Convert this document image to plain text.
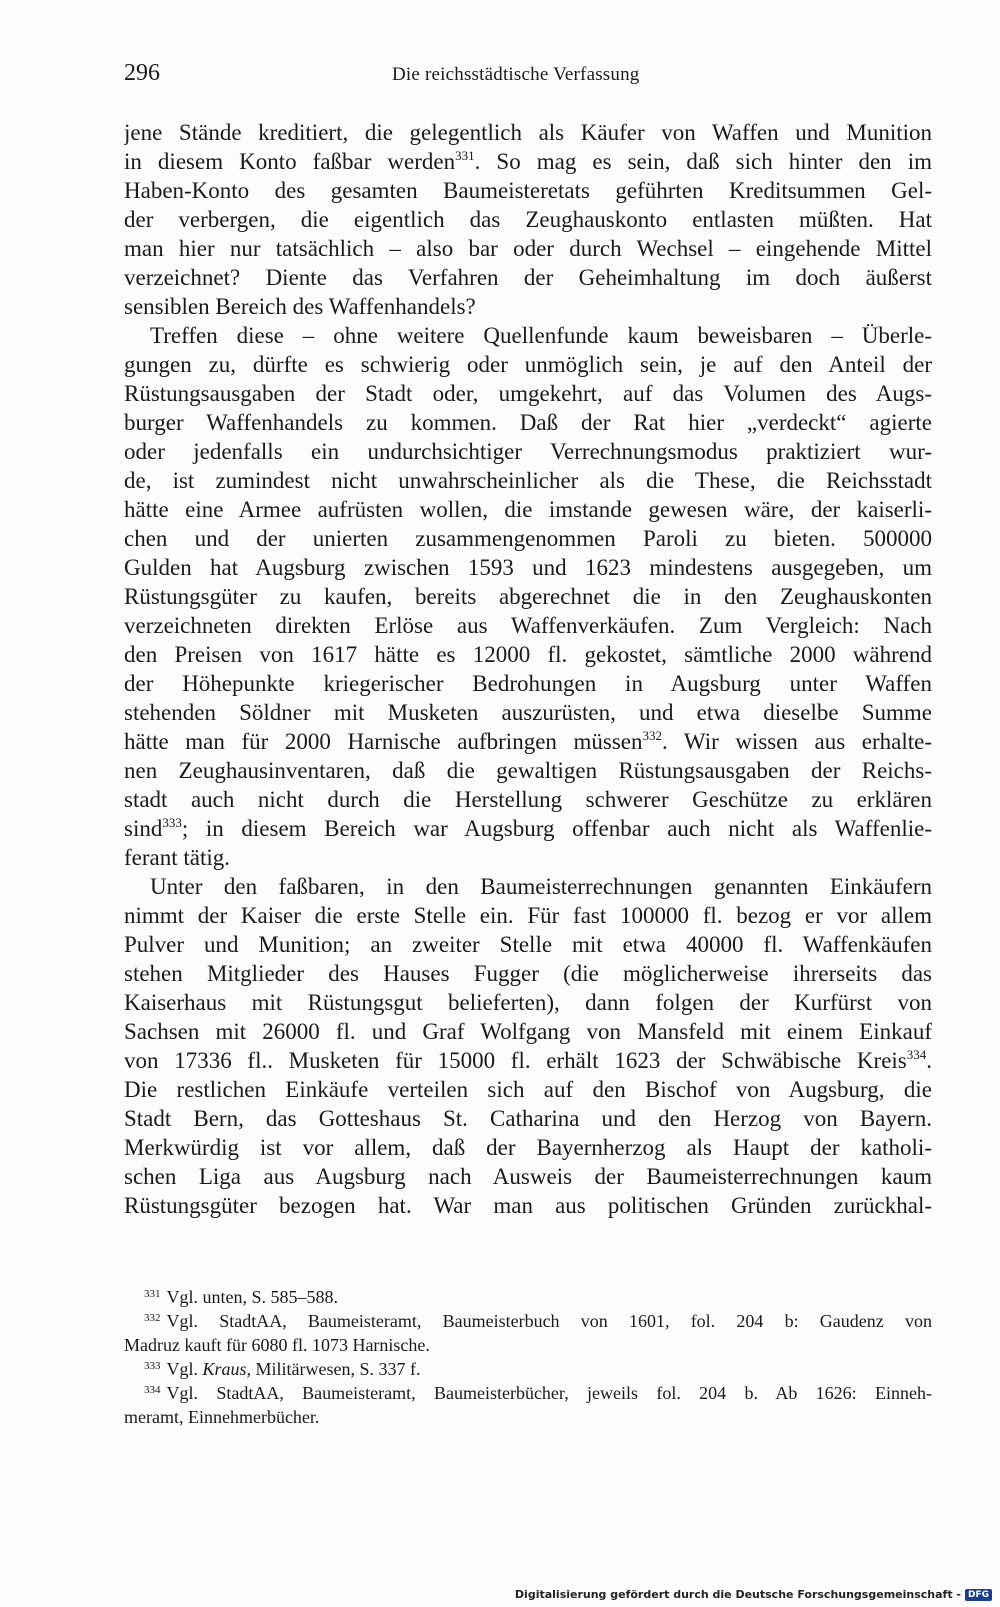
296	Die reichsstädtische Verfassung
jene Stände kreditiert, die gelegentlich als Käufer von Waffen und Munition
in diesem Konto faßbar werden$^{331}$. So mag es sein, daß sich hinter den im
Haben-Konto des gesamten Baumeisteretats geführten Kreditsummen Gel-
der verbergen, die eigentlich das Zeughauskonto entlasten müßten. Hat
man hier nur tatsächlich – also bar oder durch Wechsel – eingehende Mittel
verzeichnet? Diente das Verfahren der Geheimhaltung im doch äußerst
sensiblen Bereich des Waffenhandels?
Treffen diese – ohne weitere Quellenfunde kaum beweisbaren – Überle-
gungen zu, dürfte es schwierig oder unmöglich sein, je auf den Anteil der
Rüstungsausgaben der Stadt oder, umgekehrt, auf das Volumen des Augs-
burger Waffenhandels zu kommen. Daß der Rat hier „verdeckt“ agierte
oder jedenfalls ein undurchsichtiger Verrechnungsmodus praktiziert wur-
de, ist zumindest nicht unwahrscheinlicher als die These, die Reichsstadt
hätte eine Armee aufrüsten wollen, die imstande gewesen wäre, der kaiserli-
chen und der unierten zusammengenommen Paroli zu bieten. 500000
Gulden hat Augsburg zwischen 1593 und 1623 mindestens ausgegeben, um
Rüstungsgüter zu kaufen, bereits abgerechnet die in den Zeughauskonten
verzeichneten direkten Erlöse aus Waffenverkäufen. Zum Vergleich: Nach
den Preisen von 1617 hätte es 12000 fl. gekostet, sämtliche 2000 während
der Höhepunkte kriegerischer Bedrohungen in Augsburg unter Waffen
stehenden Söldner mit Musketen auszurüsten, und etwa dieselbe Summe
hätte man für 2000 Harnische aufbringen müssen$^{332}$. Wir wissen aus erhalte-
nen Zeughausinventaren, daß die gewaltigen Rüstungsausgaben der Reichs-
stadt auch nicht durch die Herstellung schwerer Geschütze zu erklären
sind$^{333}$; in diesem Bereich war Augsburg offenbar auch nicht als Waffenlie-
ferant tätig.
Unter den faßbaren, in den Baumeisterrechnungen genannten Einkäufern
nimmt der Kaiser die erste Stelle ein. Für fast 100000 fl. bezog er vor allem
Pulver und Munition; an zweiter Stelle mit etwa 40000 fl. Waffenkäufen
stehen Mitglieder des Hauses Fugger (die möglicherweise ihrerseits das
Kaiserhaus mit Rüstungsgut belieferten), dann folgen der Kurfürst von
Sachsen mit 26000 fl. und Graf Wolfgang von Mansfeld mit einem Einkauf
von 17336 fl.. Musketen für 15000 fl. erhält 1623 der Schwäbische Kreis$^{334}$.
Die restlichen Einkäufe verteilen sich auf den Bischof von Augsburg, die
Stadt Bern, das Gotteshaus St. Catharina und den Herzog von Bayern.
Merkwürdig ist vor allem, daß der Bayernherzog als Haupt der katholi-
schen Liga aus Augsburg nach Ausweis der Baumeisterrechnungen kaum
Rüstungsgüter bezogen hat. War man aus politischen Gründen zurückhal-
$^{331}$ Vgl. unten, S. 585–588.
$^{332}$ Vgl. StadtAA, Baumeisteramt, Baumeisterbuch von 1601, fol. 204 b: Gaudenz von
Madruz kauft für 6080 fl. 1073 Harnische.
$^{333}$ Vgl. Kraus, Militärwesen, S. 337 f.
$^{334}$ Vgl. StadtAA, Baumeisteramt, Baumeisterbücher, jeweils fol. 204 b. Ab 1626: Einneh-
meramt, Einnehmerbücher.
Digitalisierung gefördert durch die Deutsche Forschungsgemeinschaft - DFG
